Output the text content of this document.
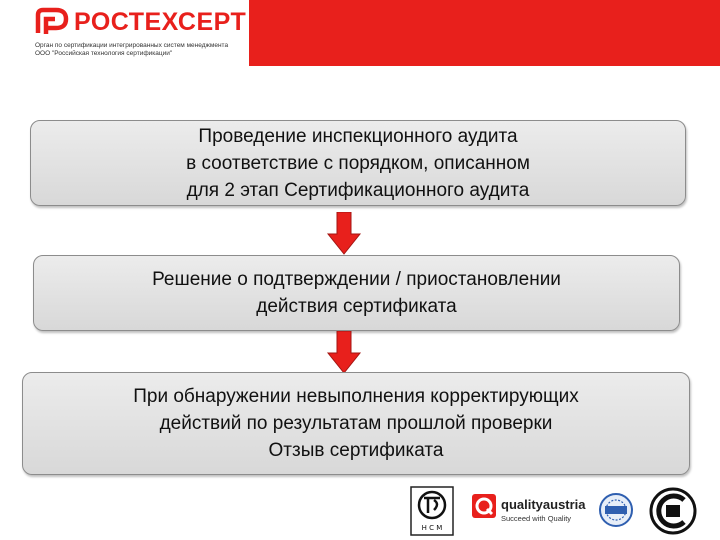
РОСТЕХСЕРТ
Орган по сертификации интегрированных систем менеджмента
ООО "Российская технология сертификации"
Проведение инспекционного аудита
в соответствие с порядком, описанном
для 2 этап Сертификационного аудита
Решение о подтверждении / приостановлении
действия сертификата
При обнаружении невыполнения корректирующих
действий по результатам прошлой проверки
Отзыв сертификата
Н С М
qualityaustria
Succeed with Quality
